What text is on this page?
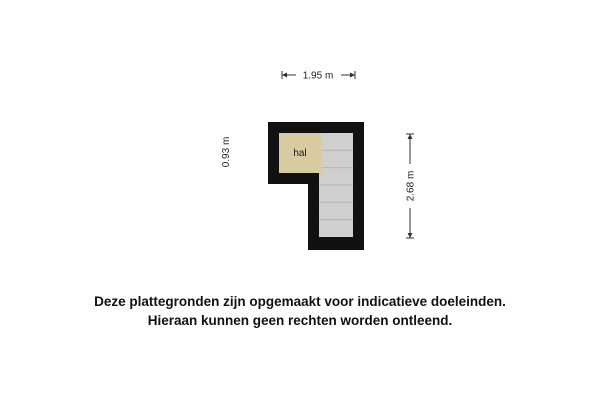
hal
1.95 m
0.93 m
2.68 m
Deze plattegronden zijn opgemaakt voor indicatieve doeleinden.
Hieraan kunnen geen rechten worden ontleend.
